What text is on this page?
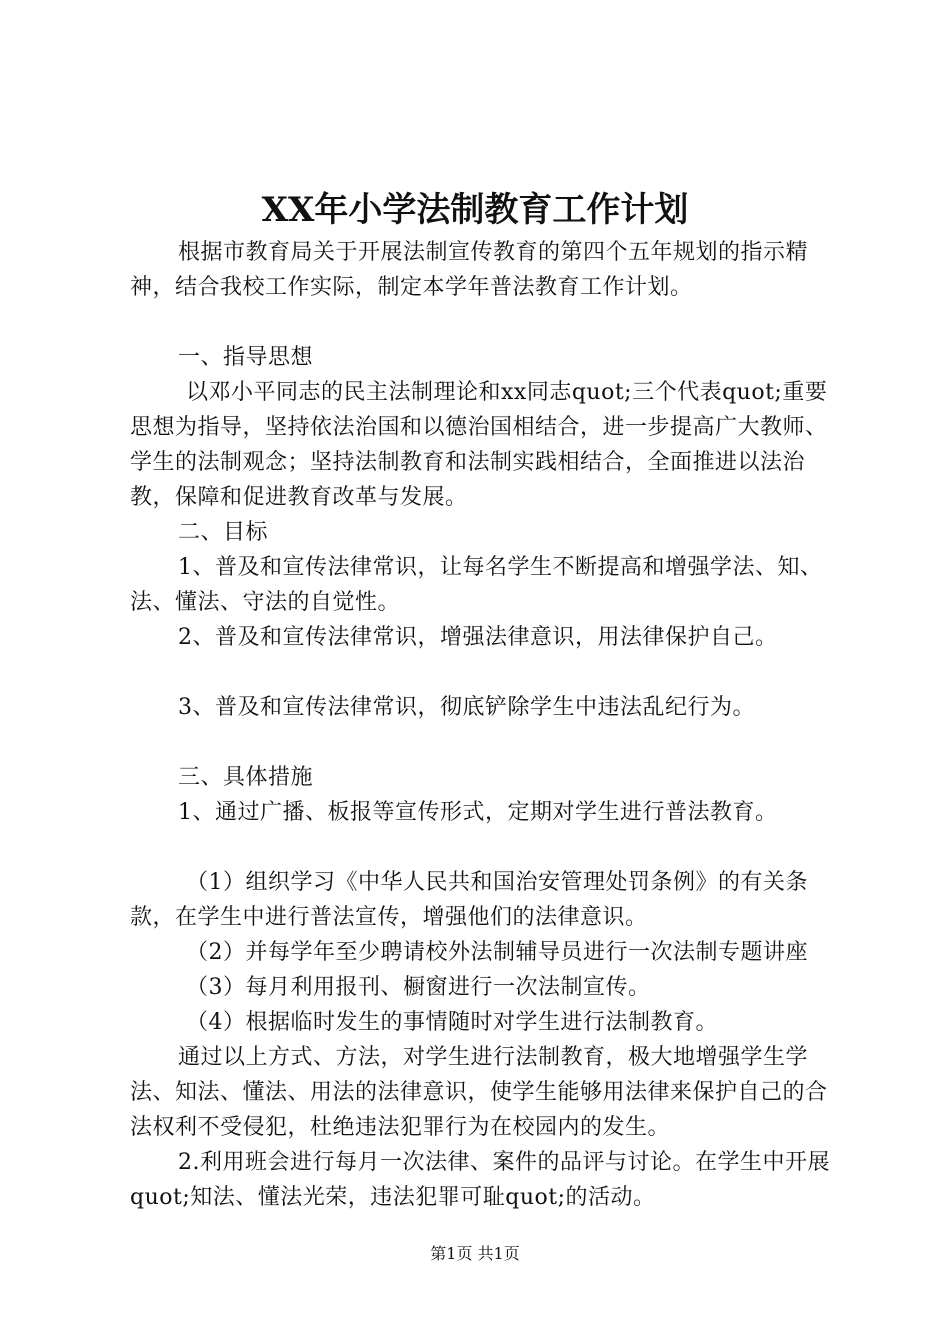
XX年小学法制教育工作计划

根据市教育局关于开展法制宣传教育的第四个五年规划的指示精神，结合我校工作实际，制定本学年普法教育工作计划。

一、指导思想

以邓小平同志的民主法制理论和xx同志quot;三个代表quot;重要思想为指导，坚持依法治国和以德治国相结合，进一步提高广大教师、学生的法制观念；坚持法制教育和法制实践相结合，全面推进以法治教，保障和促进教育改革与发展。

二、目标

1、普及和宣传法律常识，让每名学生不断提高和增强学法、知、法、懂法、守法的自觉性。

2、普及和宣传法律常识，增强法律意识，用法律保护自己。

3、普及和宣传法律常识，彻底铲除学生中违法乱纪行为。

三、具体措施

1、通过广播、板报等宣传形式，定期对学生进行普法教育。

（1）组织学习《中华人民共和国治安管理处罚条例》的有关条款，在学生中进行普法宣传，增强他们的法律意识。

（2）并每学年至少聘请校外法制辅导员进行一次法制专题讲座

（3）每月利用报刊、橱窗进行一次法制宣传。

（4）根据临时发生的事情随时对学生进行法制教育。

通过以上方式、方法，对学生进行法制教育，极大地增强学生学法、知法、懂法、用法的法律意识，使学生能够用法律来保护自己的合法权利不受侵犯，杜绝违法犯罪行为在校园内的发生。

2.利用班会进行每月一次法律、案件的品评与讨论。在学生中开展quot;知法、懂法光荣，违法犯罪可耻quot;的活动。

第1页 共1页
